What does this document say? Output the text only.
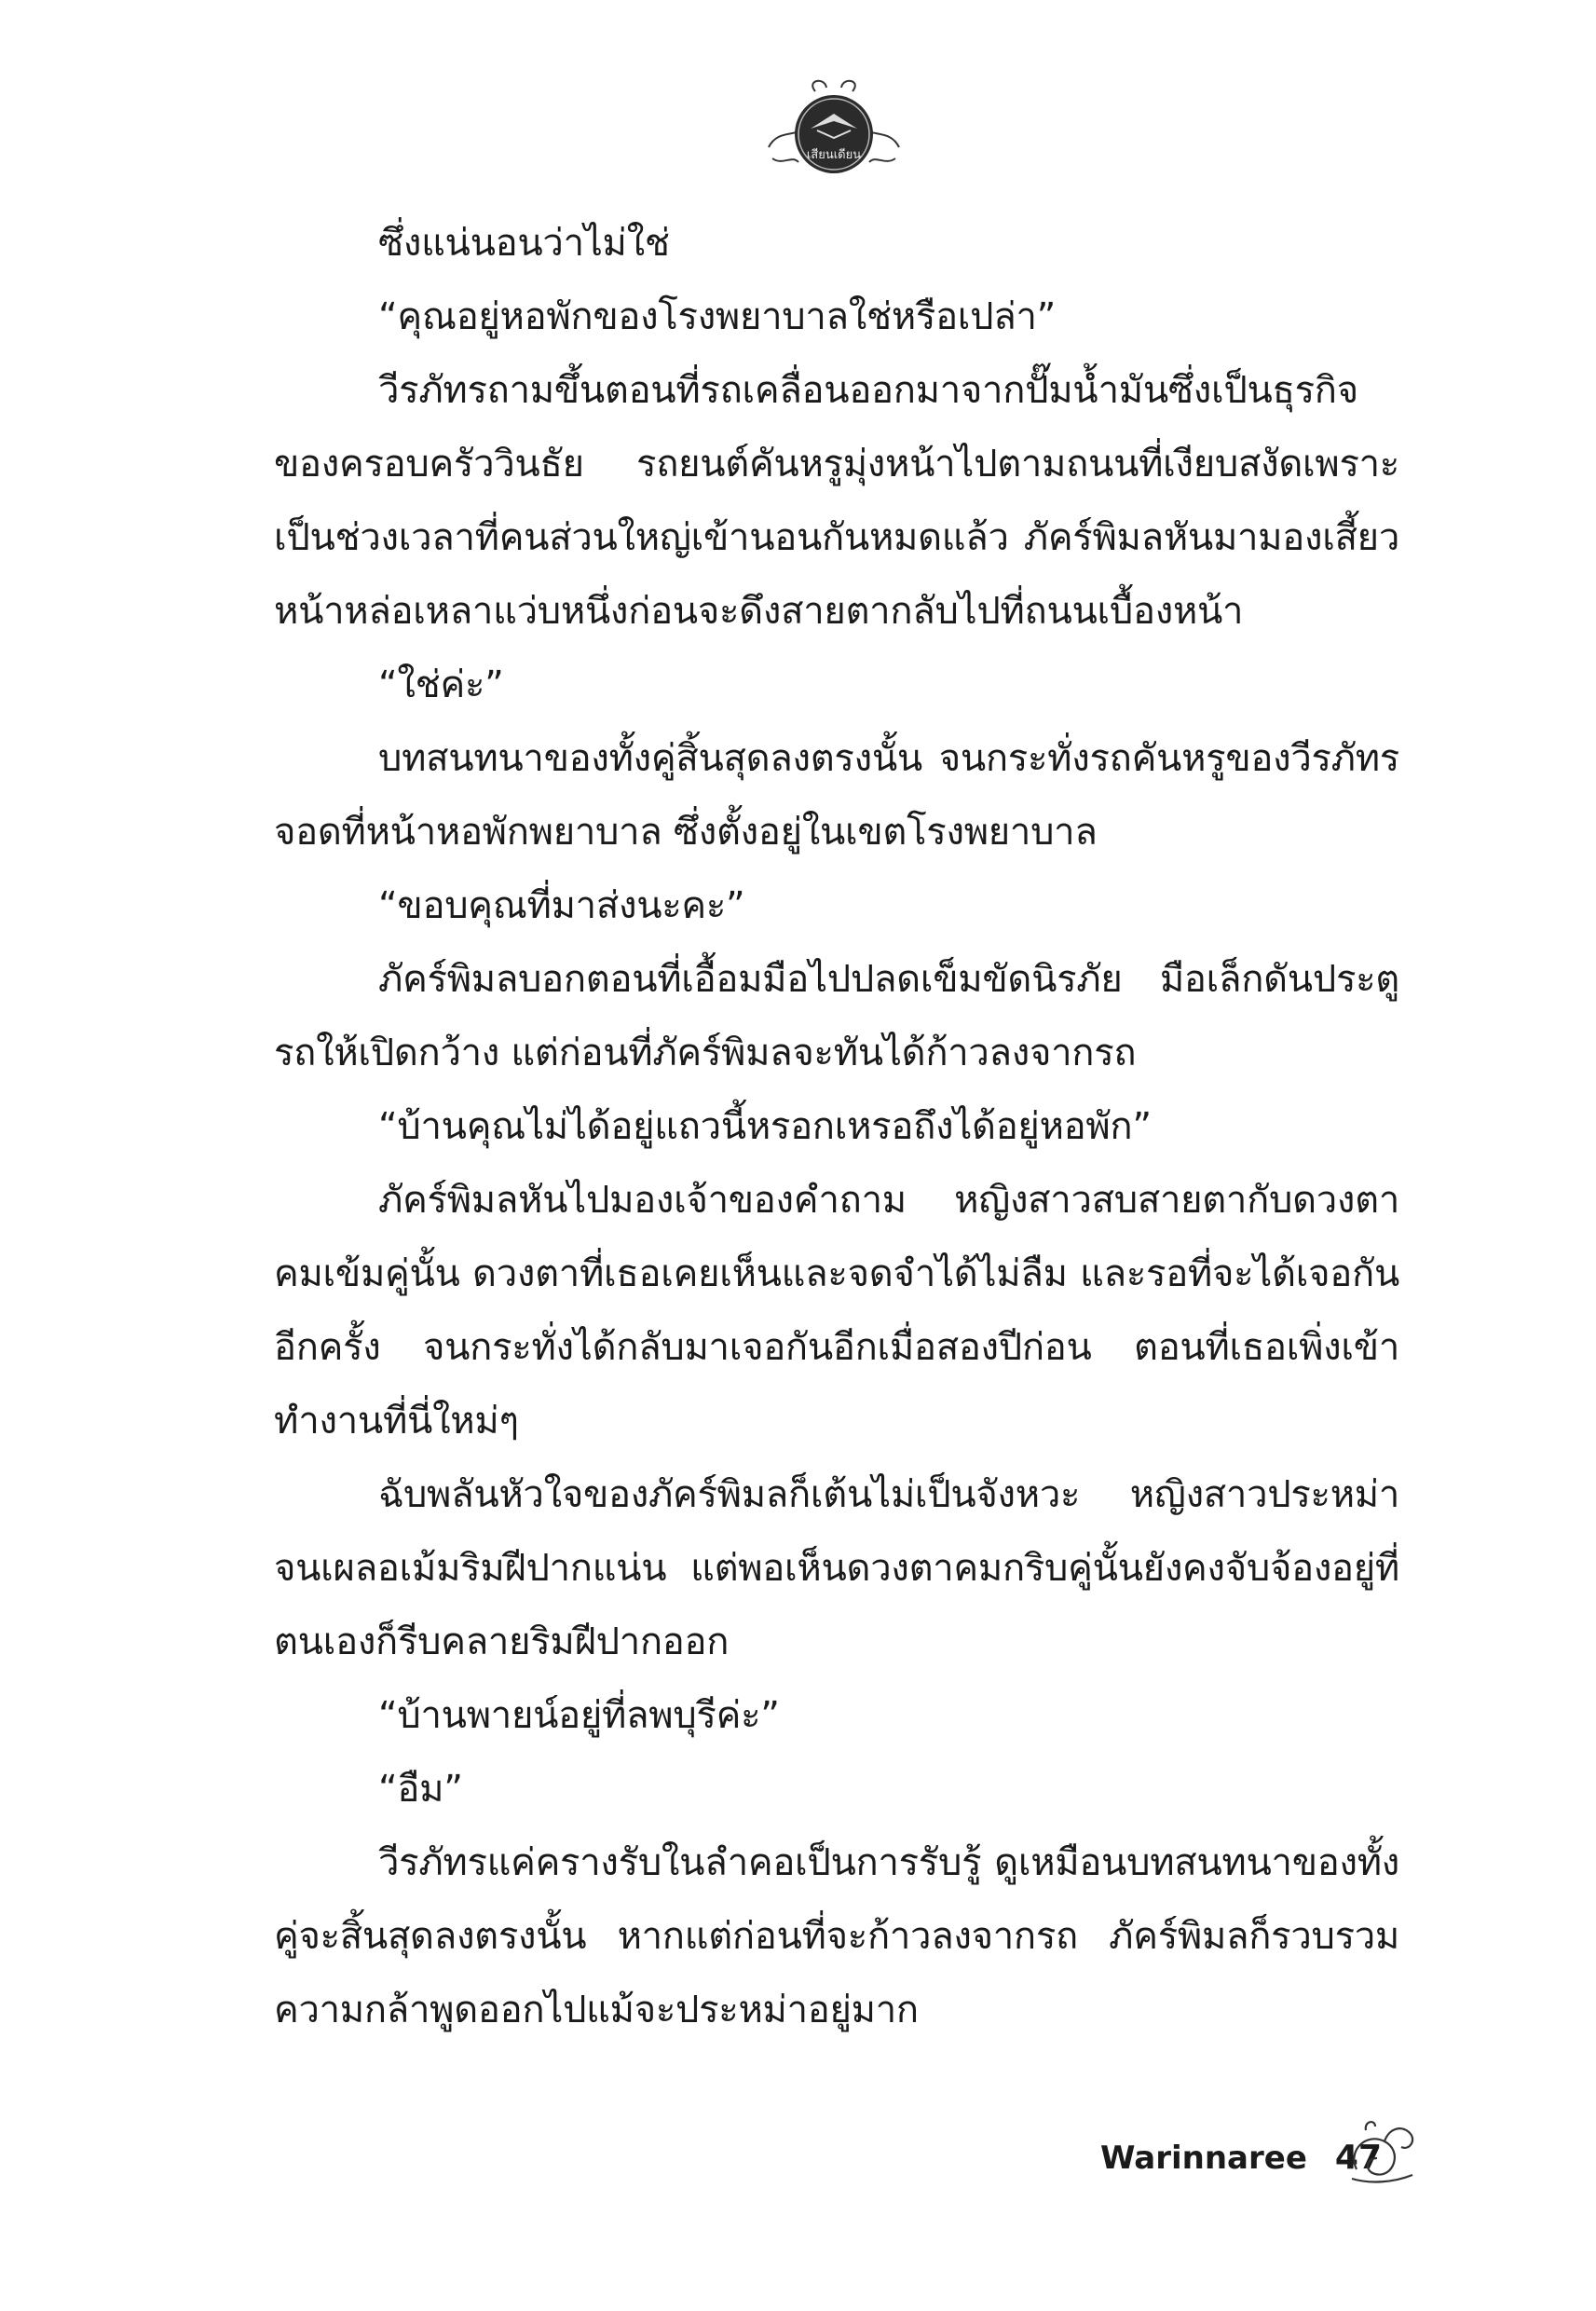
เสียนเดียน

ซึ่งแน่นอนว่าไม่ใช่

“คุณอยู่หอพักของโรงพยาบาลใช่หรือเปล่า”

วีรภัทรถามขึ้นตอนที่รถเคลื่อนออกมาจากปั๊มน้ำมันซึ่งเป็นธุรกิจของครอบครัววินธัย รถยนต์คันหรูมุ่งหน้าไปตามถนนที่เงียบสงัดเพราะเป็นช่วงเวลาที่คนส่วนใหญ่เข้านอนกันหมดแล้ว ภัคร์พิมลหันมามองเสี้ยวหน้าหล่อเหลาแว่บหนึ่งก่อนจะดึงสายตากลับไปที่ถนนเบื้องหน้า

“ใช่ค่ะ”

บทสนทนาของทั้งคู่สิ้นสุดลงตรงนั้น จนกระทั่งรถคันหรูของวีรภัทรจอดที่หน้าหอพักพยาบาล ซึ่งตั้งอยู่ในเขตโรงพยาบาล

“ขอบคุณที่มาส่งนะคะ”

ภัคร์พิมลบอกตอนที่เอื้อมมือไปปลดเข็มขัดนิรภัย มือเล็กดันประตูรถให้เปิดกว้าง แต่ก่อนที่ภัคร์พิมลจะทันได้ก้าวลงจากรถ

“บ้านคุณไม่ได้อยู่แถวนี้หรอกเหรอถึงได้อยู่หอพัก”

ภัคร์พิมลหันไปมองเจ้าของคำถาม หญิงสาวสบสายตากับดวงตาคมเข้มคู่นั้น ดวงตาที่เธอเคยเห็นและจดจำได้ไม่ลืม และรอที่จะได้เจอกันอีกครั้ง จนกระทั่งได้กลับมาเจอกันอีกเมื่อสองปีก่อน ตอนที่เธอเพิ่งเข้าทำงานที่นี่ใหม่ๆ

ฉับพลันหัวใจของภัคร์พิมลก็เต้นไม่เป็นจังหวะ หญิงสาวประหม่าจนเผลอเม้มริมฝีปากแน่น แต่พอเห็นดวงตาคมกริบคู่นั้นยังคงจับจ้องอยู่ที่ตนเองก็รีบคลายริมฝีปากออก

“บ้านพายน์อยู่ที่ลพบุรีค่ะ”

“อืม”

วีรภัทรแค่ครางรับในลำคอเป็นการรับรู้ ดูเหมือนบทสนทนาของทั้งคู่จะสิ้นสุดลงตรงนั้น หากแต่ก่อนที่จะก้าวลงจากรถ ภัคร์พิมลก็รวบรวมความกล้าพูดออกไปแม้จะประหม่าอยู่มาก

Warinnaree 47
